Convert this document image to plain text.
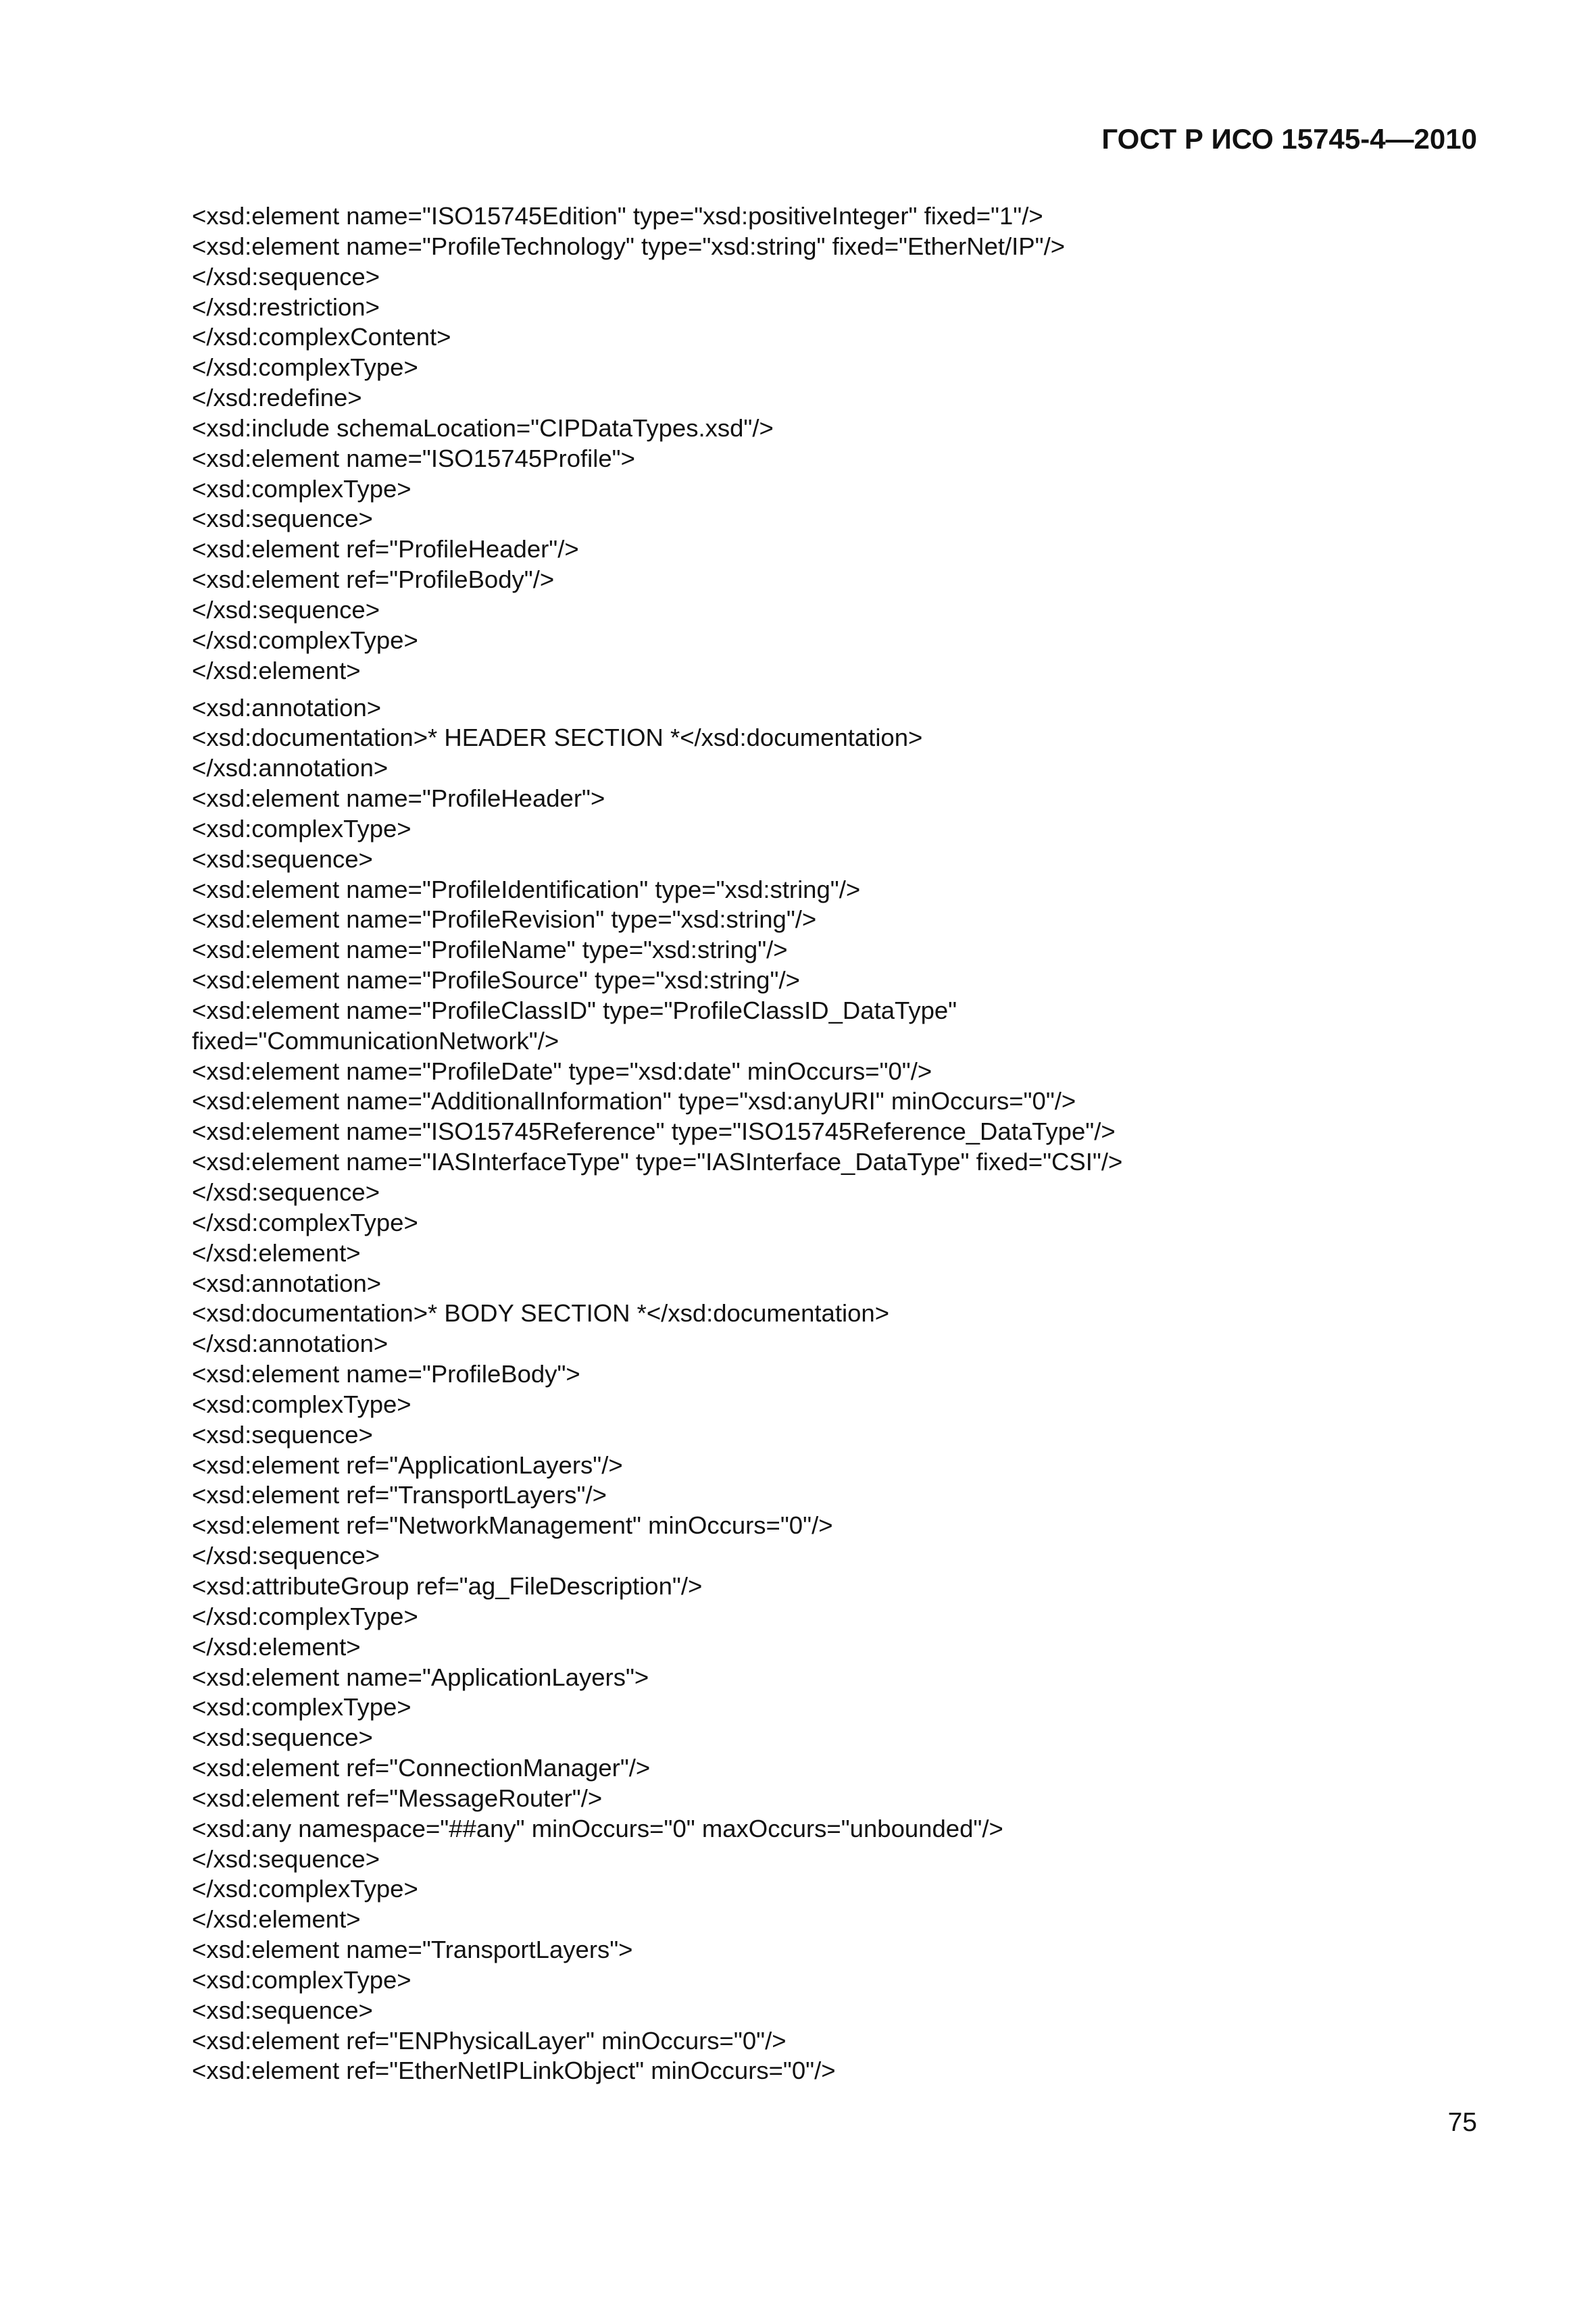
ГОСТ Р ИСО 15745-4—2010
<xsd:element name="ISO15745Edition" type="xsd:positiveInteger" fixed="1"/>
<xsd:element name="ProfileTechnology" type="xsd:string" fixed="EtherNet/IP"/>
</xsd:sequence>
</xsd:restriction>
</xsd:complexContent>
</xsd:complexType>
</xsd:redefine>
<xsd:include schemaLocation="CIPDataTypes.xsd"/>
<xsd:element name="ISO15745Profile">
<xsd:complexType>
<xsd:sequence>
<xsd:element ref="ProfileHeader"/>
<xsd:element ref="ProfileBody"/>
</xsd:sequence>
</xsd:complexType>
</xsd:element>
<xsd:annotation>
<xsd:documentation>* HEADER SECTION *</xsd:documentation>
</xsd:annotation>
<xsd:element name="ProfileHeader">
<xsd:complexType>
<xsd:sequence>
<xsd:element name="ProfileIdentification" type="xsd:string"/>
<xsd:element name="ProfileRevision" type="xsd:string"/>
<xsd:element name="ProfileName" type="xsd:string"/>
<xsd:element name="ProfileSource" type="xsd:string"/>
<xsd:element name="ProfileClassID" type="ProfileClassID_DataType"
fixed="CommunicationNetwork"/>
<xsd:element name="ProfileDate" type="xsd:date" minOccurs="0"/>
<xsd:element name="AdditionalInformation" type="xsd:anyURI" minOccurs="0"/>
<xsd:element name="ISO15745Reference" type="ISO15745Reference_DataType"/>
<xsd:element name="IASInterfaceType" type="IASInterface_DataType" fixed="CSI"/>
</xsd:sequence>
</xsd:complexType>
</xsd:element>
<xsd:annotation>
<xsd:documentation>* BODY SECTION *</xsd:documentation>
</xsd:annotation>
<xsd:element name="ProfileBody">
<xsd:complexType>
<xsd:sequence>
<xsd:element ref="ApplicationLayers"/>
<xsd:element ref="TransportLayers"/>
<xsd:element ref="NetworkManagement" minOccurs="0"/>
</xsd:sequence>
<xsd:attributeGroup ref="ag_FileDescription"/>
</xsd:complexType>
</xsd:element>
<xsd:element name="ApplicationLayers">
<xsd:complexType>
<xsd:sequence>
<xsd:element ref="ConnectionManager"/>
<xsd:element ref="MessageRouter"/>
<xsd:any namespace="##any" minOccurs="0" maxOccurs="unbounded"/>
</xsd:sequence>
</xsd:complexType>
</xsd:element>
<xsd:element name="TransportLayers">
<xsd:complexType>
<xsd:sequence>
<xsd:element ref="ENPhysicalLayer" minOccurs="0"/>
<xsd:element ref="EtherNetIPLinkObject" minOccurs="0"/>
75
